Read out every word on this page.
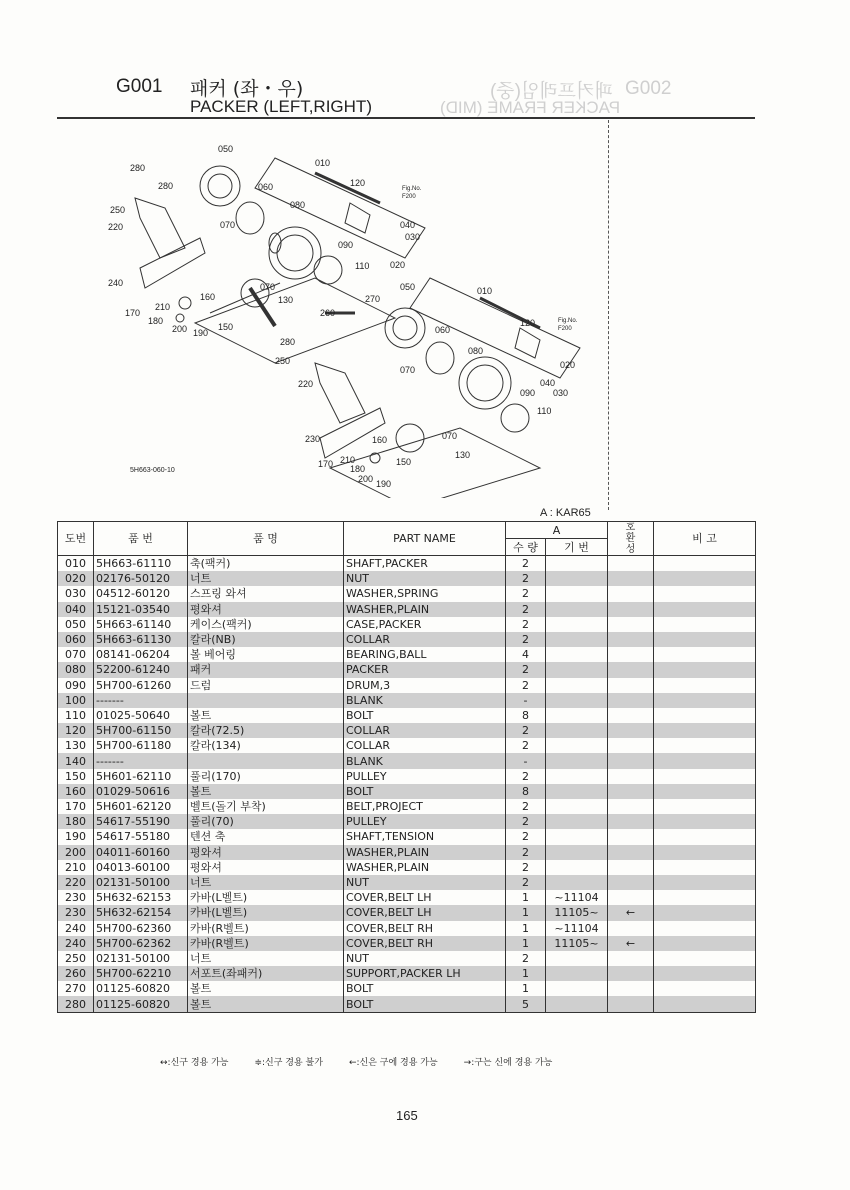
G002
패커프레임(중)
PACKER FRAME (MID)
G001 패커 (좌・우)
PACKER (LEFT,RIGHT)
050
010
120
280
280	060
250
220	070
080
040
030
090
020
110
240	070
130
160
170
210
180
200 190
150
270
260
280
250
220
050	010
120
060
070
080
020
040
030
090
110
230	160	070
170 210
180
200 190
150
130
Fig.No.
F200
Fig.No.
F200
5H663-060-10
A : KAR65
도번	품 번	품 명	PART NAME	A		호
환
성	비 고
				수 량	기 번		
010	5H663-61110	축(팩커)	SHAFT,PACKER	2			
020	02176-50120	너트	NUT	2			
030	04512-60120	스프링 와셔	WASHER,SPRING	2			
040	15121-03540	평와셔	WASHER,PLAIN	2			
050	5H663-61140	케이스(팩커)	CASE,PACKER	2			
060	5H663-61130	칼라(NB)	COLLAR	2			
070	08141-06204	볼 베어링	BEARING,BALL	4			
080	52200-61240	패커	PACKER	2			
090	5H700-61260	드럼	DRUM,3	2			
100	-------		BLANK	-			
110	01025-50640	볼트	BOLT	8			
120	5H700-61150	칼라(72.5)	COLLAR	2			
130	5H700-61180	칼라(134)	COLLAR	2			
140	-------		BLANK	-			
150	5H601-62110	풀리(170)	PULLEY	2			
160	01029-50616	볼트	BOLT	8			
170	5H601-62120	벨트(돌기 부착)	BELT,PROJECT	2			
180	54617-55190	풀리(70)	PULLEY	2			
190	54617-55180	텐션 축	SHAFT,TENSION	2			
200	04011-60160	평와셔	WASHER,PLAIN	2			
210	04013-60100	평와셔	WASHER,PLAIN	2			
220	02131-50100	너트	NUT	2			
230	5H632-62153	카바(L벨트)	COVER,BELT LH	1	~11104		
230	5H632-62154	카바(L벨트)	COVER,BELT LH	1	11105~	←	
240	5H700-62360	카바(R벨트)	COVER,BELT RH	1	~11104		
240	5H700-62362	카바(R벨트)	COVER,BELT RH	1	11105~	←	
250	02131-50100	너트	NUT	2			
260	5H700-62210	서포트(좌패커)	SUPPORT,PACKER LH	1			
270	01125-60820	볼트	BOLT	1			
280	01125-60820	볼트	BOLT	5			
↔:신구 경용 가능	≑:신구 경용 불가	←:신은 구에 경용 가능	→:구는 신에 경용 가능
165
